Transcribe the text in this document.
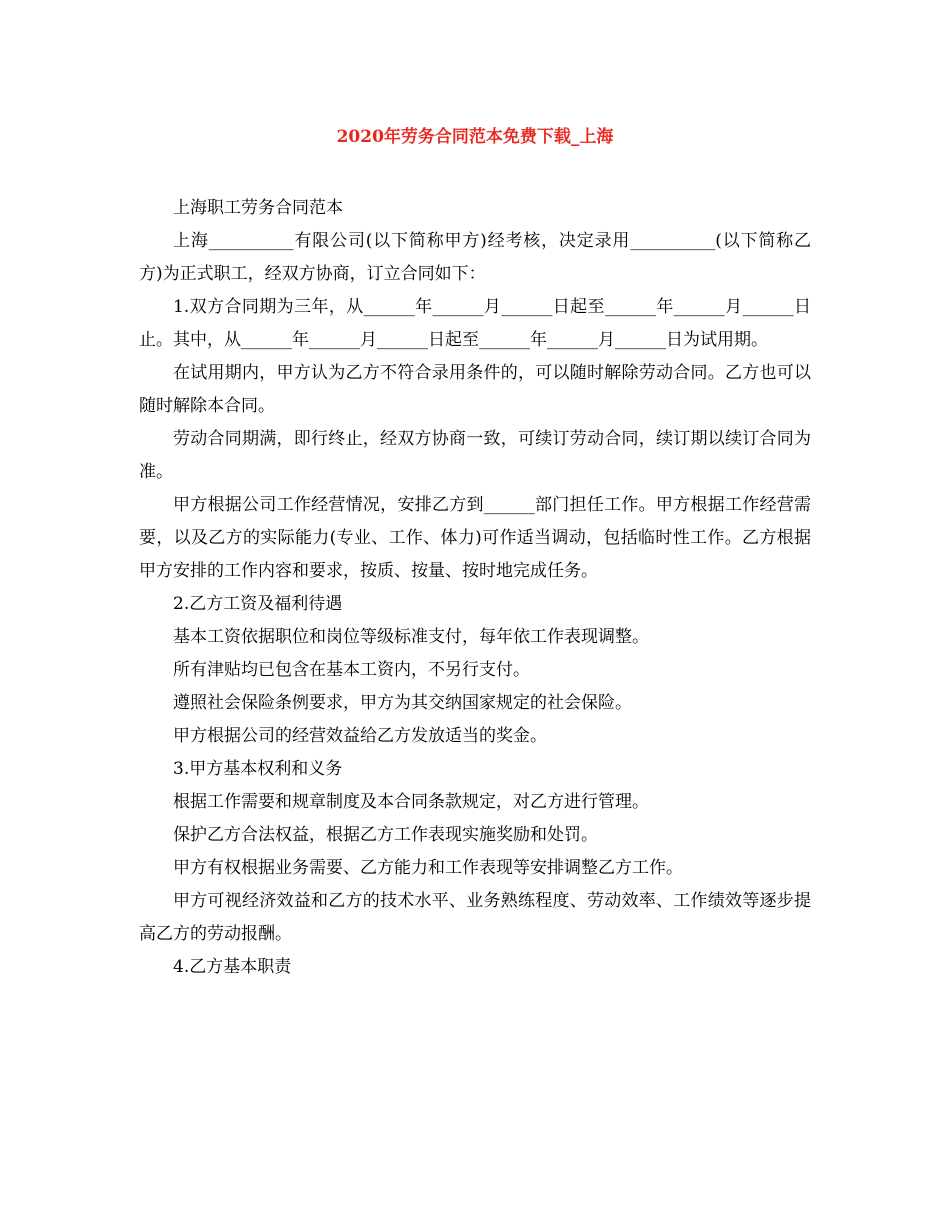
2020年劳务合同范本免费下载_上海

上海职工劳务合同范本

上海__________有限公司(以下简称甲方)经考核，决定录用__________(以下简称乙方)为正式职工，经双方协商，订立合同如下：

1.双方合同期为三年，从______年______月______日起至______年______月______日止。其中，从______年______月______日起至______年______月______日为试用期。

在试用期内，甲方认为乙方不符合录用条件的，可以随时解除劳动合同。乙方也可以随时解除本合同。

劳动合同期满，即行终止，经双方协商一致，可续订劳动合同，续订期以续订合同为准。

甲方根据公司工作经营情况，安排乙方到______部门担任工作。甲方根据工作经营需要，以及乙方的实际能力(专业、工作、体力)可作适当调动，包括临时性工作。乙方根据甲方安排的工作内容和要求，按质、按量、按时地完成任务。

2.乙方工资及福利待遇

基本工资依据职位和岗位等级标准支付，每年依工作表现调整。

所有津贴均已包含在基本工资内，不另行支付。

遵照社会保险条例要求，甲方为其交纳国家规定的社会保险。

甲方根据公司的经营效益给乙方发放适当的奖金。

3.甲方基本权利和义务

根据工作需要和规章制度及本合同条款规定，对乙方进行管理。

保护乙方合法权益，根据乙方工作表现实施奖励和处罚。

甲方有权根据业务需要、乙方能力和工作表现等安排调整乙方工作。

甲方可视经济效益和乙方的技术水平、业务熟练程度、劳动效率、工作绩效等逐步提高乙方的劳动报酬。

4.乙方基本职责
